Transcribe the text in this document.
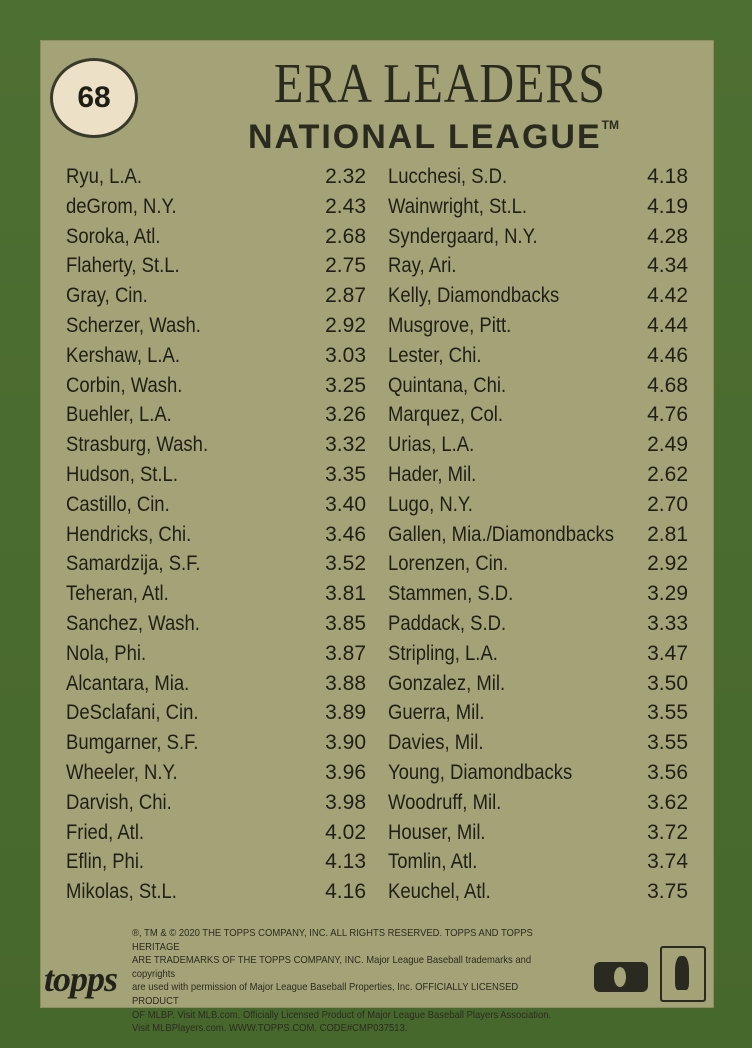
68	ERA LEADERS
NATIONAL LEAGUE™
Ryu, L.A.	2.32
deGrom, N.Y.	2.43
Soroka, Atl.	2.68
Flaherty, St.L.	2.75
Gray, Cin.	2.87
Scherzer, Wash.	2.92
Kershaw, L.A.	3.03
Corbin, Wash.	3.25
Buehler, L.A.	3.26
Strasburg, Wash.	3.32
Hudson, St.L.	3.35
Castillo, Cin.	3.40
Hendricks, Chi.	3.46
Samardzija, S.F.	3.52
Teheran, Atl.	3.81
Sanchez, Wash.	3.85
Nola, Phi.	3.87
Alcantara, Mia.	3.88
DeSclafani, Cin.	3.89
Bumgarner, S.F.	3.90
Wheeler, N.Y.	3.96
Darvish, Chi.	3.98
Fried, Atl.	4.02
Eflin, Phi.	4.13
Mikolas, St.L.	4.16
Lucchesi, S.D.	4.18
Wainwright, St.L.	4.19
Syndergaard, N.Y.	4.28
Ray, Ari.	4.34
Kelly, Diamondbacks	4.42
Musgrove, Pitt.	4.44
Lester, Chi.	4.46
Quintana, Chi.	4.68
Marquez, Col.	4.76
Urias, L.A.	2.49
Hader, Mil.	2.62
Lugo, N.Y.	2.70
Gallen, Mia./Diamondbacks 2.81
Lorenzen, Cin.	2.92
Stammen, S.D.	3.29
Paddack, S.D.	3.33
Stripling, L.A.	3.47
Gonzalez, Mil.	3.50
Guerra, Mil.	3.55
Davies, Mil.	3.55
Young, Diamondbacks	3.56
Woodruff, Mil.	3.62
Houser, Mil.	3.72
Tomlin, Atl.	3.74
Keuchel, Atl.	3.75
®, TM & © 2020 THE TOPPS COMPANY, INC. ALL RIGHTS RESERVED. TOPPS AND TOPPS HERITAGE
ARE TRADEMARKS OF THE TOPPS COMPANY, INC. Major League Baseball trademarks and copyrights
are used with permission of Major League Baseball Properties, Inc. OFFICIALLY LICENSED PRODUCT
OF MLBP. Visit MLB.com. Officially Licensed Product of Major League Baseball Players Association.
Visit MLBPlayers.com. WWW.TOPPS.COM. CODE#CMP037513.
topps
